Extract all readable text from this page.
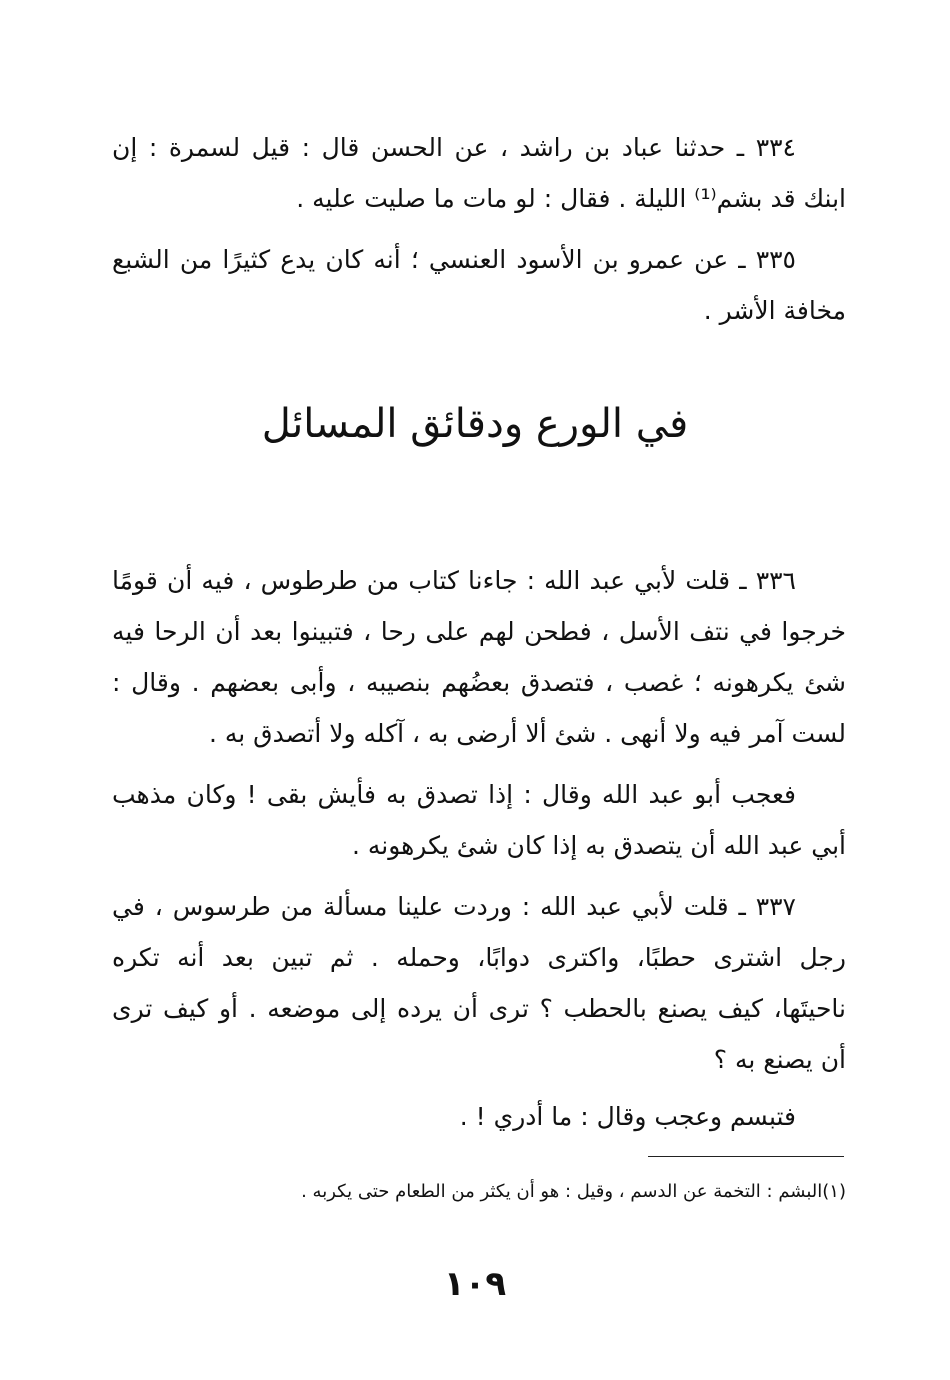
٣٣٤ ـ حدثنا عباد بن راشد ، عن الحسن قال : قيل لسمرة : إن
ابنك قد بشم⁽¹⁾ الليلة . فقال : لو مات ما صليت عليه .
٣٣٥ ـ عن عمرو بن الأسود العنسي ؛ أنه كان يدع كثيرًا من الشبع
مخافة الأشر .
في الورع ودقائق المسائل
٣٣٦ ـ قلت لأبي عبد الله : جاءنا كتاب من طرطوس ، فيه أن قومًا
خرجوا في نتف الأسل ، فطحن لهم على رحا ، فتبينوا بعد أن الرحا فيه
شئ يكرهونه ؛ غصب ، فتصدق بعضُهم بنصيبه ، وأبى بعضهم . وقال :
لست آمر فيه ولا أنهى . شئ ألا أرضى به ، آكله ولا أتصدق به .
فعجب أبو عبد الله وقال : إذا تصدق به فأيش بقى ! وكان مذهب
أبي عبد الله أن يتصدق به إذا كان شئ يكرهونه .
٣٣٧ ـ قلت لأبي عبد الله : وردت علينا مسألة من طرسوس ، في
رجل اشترى حطبًا، واكترى دوابًا، وحمله . ثم تبين بعد أنه تكره
ناحيتَها، كيف يصنع بالحطب ؟ ترى أن يرده إلى موضعه . أو كيف ترى
أن يصنع به ؟
فتبسم وعجب وقال : ما أدري ! .
(١)البشم : التخمة عن الدسم ، وقيل : هو أن يكثر من الطعام حتى يكربه .
١٠٩
